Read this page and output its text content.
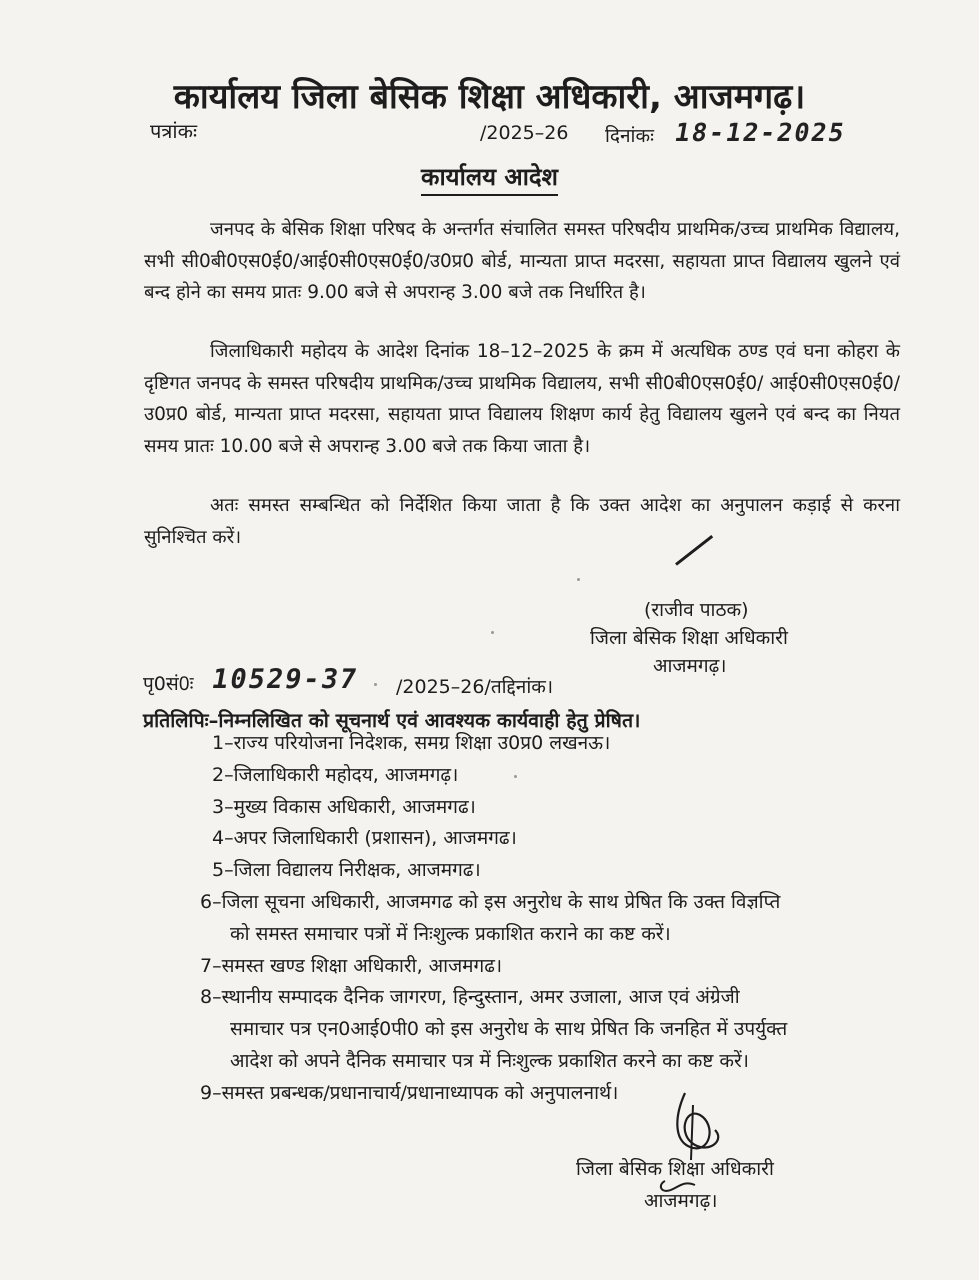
कार्यालय जिला बेसिक शिक्षा अधिकारी, आजमगढ़।
पत्रांकः	/2025–26 दिनांकः 18-12-2025
कार्यालय आदेश
जनपद के बेसिक शिक्षा परिषद के अन्तर्गत संचालित समस्त परिषदीय प्राथमिक/उच्च प्राथमिक विद्यालय, सभी सी0बी0एस0ई0/आई0सी0एस0ई0/उ0प्र0 बोर्ड, मान्यता प्राप्त मदरसा, सहायता प्राप्त विद्यालय खुलने एवं बन्द होने का समय प्रातः 9.00 बजे से अपरान्ह 3.00 बजे तक निर्धारित है।
जिलाधिकारी महोदय के आदेश दिनांक 18–12–2025 के क्रम में अत्यधिक ठण्ड एवं घना कोहरा के दृष्टिगत जनपद के समस्त परिषदीय प्राथमिक/उच्च प्राथमिक विद्यालय, सभी सी0बी0एस0ई0/ आई0सी0एस0ई0/उ0प्र0 बोर्ड, मान्यता प्राप्त मदरसा, सहायता प्राप्त विद्यालय शिक्षण कार्य हेतु विद्यालय खुलने एवं बन्द का नियत समय प्रातः 10.00 बजे से अपरान्ह 3.00 बजे तक किया जाता है।
अतः समस्त सम्बन्धित को निर्देशित किया जाता है कि उक्त आदेश का अनुपालन कड़ाई से करना सुनिश्चित करें।
(राजीव पाठक)
जिला बेसिक शिक्षा अधिकारी
आजमगढ़।
पृ0सं0ः 10529-37 /2025–26/तद्दिनांक।
प्रतिलिपिः–निम्नलिखित को सूचनार्थ एवं आवश्यक कार्यवाही हेतु प्रेषित।
1–राज्य परियोजना निदेशक, समग्र शिक्षा उ0प्र0 लखनऊ।
2–जिलाधिकारी महोदय, आजमगढ़।
3–मुख्य विकास अधिकारी, आजमगढ।
4–अपर जिलाधिकारी (प्रशासन), आजमगढ।
5–जिला विद्यालय निरीक्षक, आजमगढ।
6–जिला सूचना अधिकारी, आजमगढ को इस अनुरोध के साथ प्रेषित कि उक्त विज्ञप्ति
को समस्त समाचार पत्रों में निःशुल्क प्रकाशित कराने का कष्ट करें।
7–समस्त खण्ड शिक्षा अधिकारी, आजमगढ।
8–स्थानीय सम्पादक दैनिक जागरण, हिन्दुस्तान, अमर उजाला, आज एवं अंग्रेजी
समाचार पत्र एन0आई0पी0 को इस अनुरोध के साथ प्रेषित कि जनहित में उपर्युक्त
आदेश को अपने दैनिक समाचार पत्र में निःशुल्क प्रकाशित करने का कष्ट करें।
9–समस्त प्रबन्धक/प्रधानाचार्य/प्रधानाध्यापक को अनुपालनार्थ।
जिला बेसिक शिक्षा अधिकारी
आजमगढ़।
